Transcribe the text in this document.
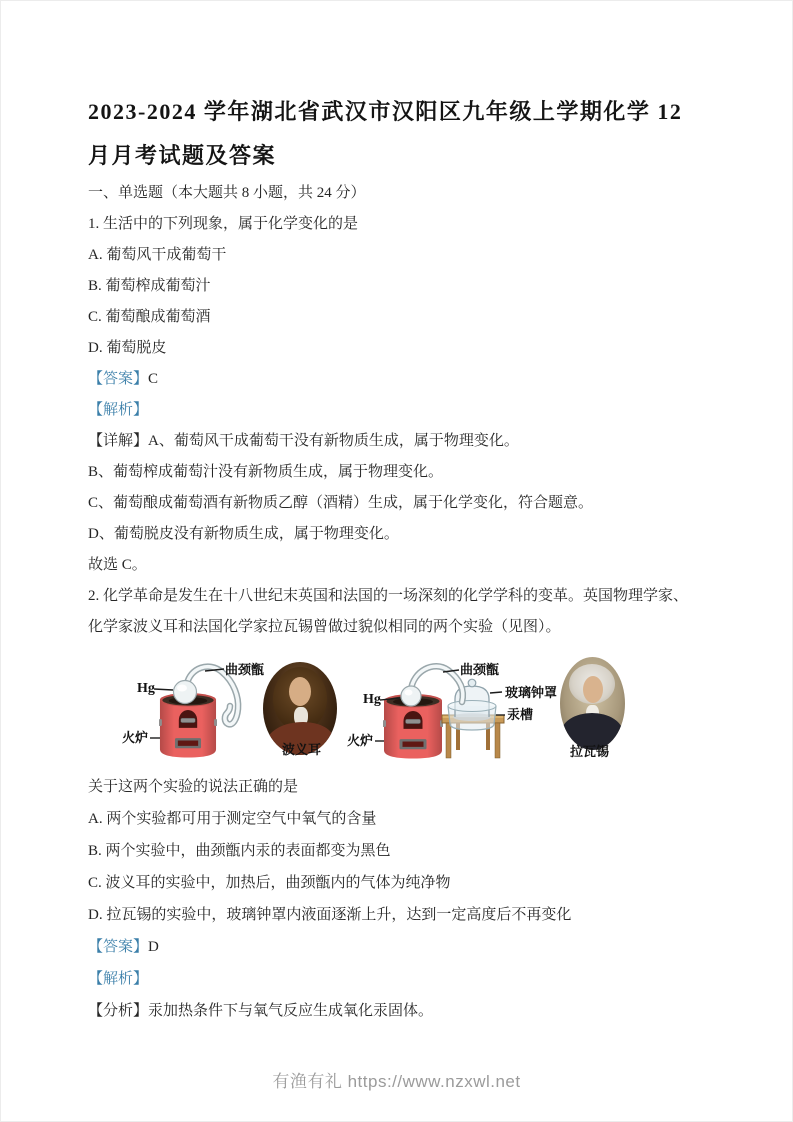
2023-2024 学年湖北省武汉市汉阳区九年级上学期化学 12
月月考试题及答案

一、单选题（本大题共 8 小题，共 24 分）

1. 生活中的下列现象，属于化学变化的是

A. 葡萄风干成葡萄干

B. 葡萄榨成葡萄汁

C. 葡萄酿成葡萄酒

D. 葡萄脱皮

【答案】C

【解析】

【详解】A、葡萄风干成葡萄干没有新物质生成，属于物理变化。

B、葡萄榨成葡萄汁没有新物质生成，属于物理变化。

C、葡萄酿成葡萄酒有新物质乙醇（酒精）生成，属于化学变化，符合题意。

D、葡萄脱皮没有新物质生成，属于物理变化。

故选 C。

2. 化学革命是发生在十八世纪末英国和法国的一场深刻的化学学科的变革。英国物理学家、

化学家波义耳和法国化学家拉瓦锡曾做过貌似相同的两个实验（见图）。

曲颈甑
Hg
火炉
波义耳
曲颈甑
玻璃钟罩
汞槽
Hg
火炉
拉瓦锡

关于这两个实验的说法正确的是

A. 两个实验都可用于测定空气中氧气的含量

B. 两个实验中，曲颈甑内汞的表面都变为黑色

C. 波义耳的实验中，加热后，曲颈甑内的气体为纯净物

D. 拉瓦锡的实验中，玻璃钟罩内液面逐渐上升，达到一定高度后不再变化

【答案】D

【解析】

【分析】汞加热条件下与氧气反应生成氧化汞固体。

有渔有礼 https://www.nzxwl.net
